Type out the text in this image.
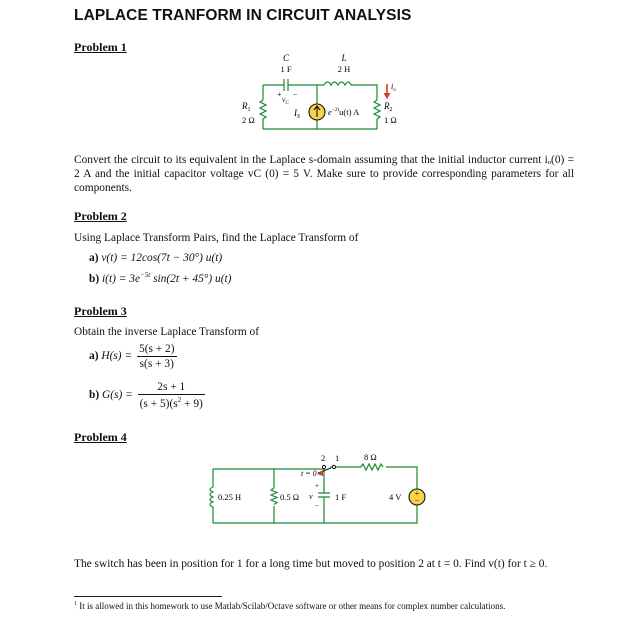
LAPLACE TRANFORM IN CIRCUIT ANALYSIS
Problem 1
C
1 F
L
2 H
+ −
$v_C$
$R_1$
2 Ω
$I_S$	$e^{-2t}u(t)$ A
$i_o$
$R_2$
1 Ω
Convert the circuit to its equivalent in the Laplace s-domain assuming that the initial inductor current iₒ(0) = 2 A and the initial capacitor voltage vC (0) = 5 V. Make sure to provide corresponding parameters for all components.
Problem 2
Using Laplace Transform Pairs, find the Laplace Transform of
a) v(t) = 12cos(7t − 30°) u(t)
b) $i(t) = 3e^{-5t}$ sin(2t + 45°) u(t)
Problem 3
Obtain the inverse Laplace Transform of
a) $H(s) = \frac{5(s + 2)}{s(s + 3)}$
b) $G(s) = \frac{2s + 1}{(s + 5)(s^2 + 9)}$
Problem 4
+
−
2 1
t = 0
8 Ω
0.25 H	0.5 Ω
+
v
−
1 F	4 V
The switch has been in position for 1 for a long time but moved to position 2 at t = 0. Find v(t) for t ≥ 0.
$^1$ It is allowed in this homework to use Matlab/Scilab/Octave software or other means for complex number calculations.
